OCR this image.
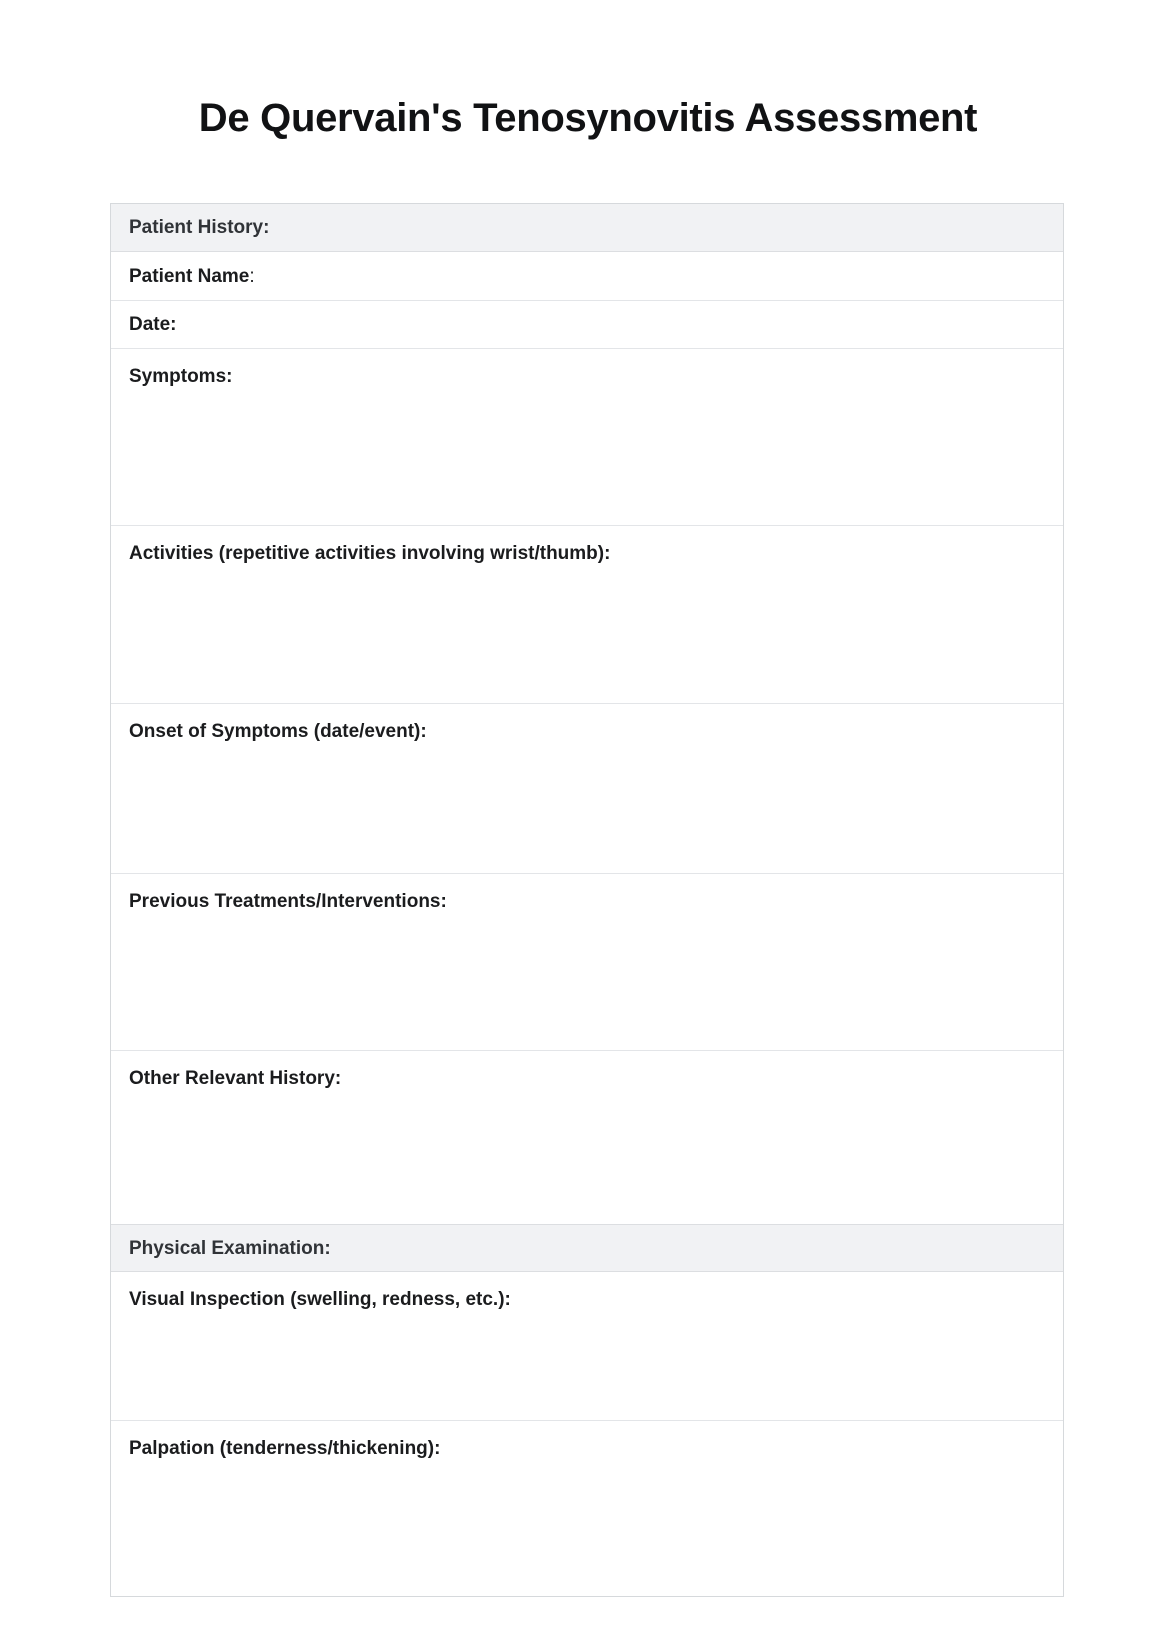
De Quervain's Tenosynovitis Assessment
Patient History:
Patient Name:
Date:
Symptoms:
Activities (repetitive activities involving wrist/thumb):
Onset of Symptoms (date/event):
Previous Treatments/Interventions:
Other Relevant History:
Physical Examination:
Visual Inspection (swelling, redness, etc.):
Palpation (tenderness/thickening):
